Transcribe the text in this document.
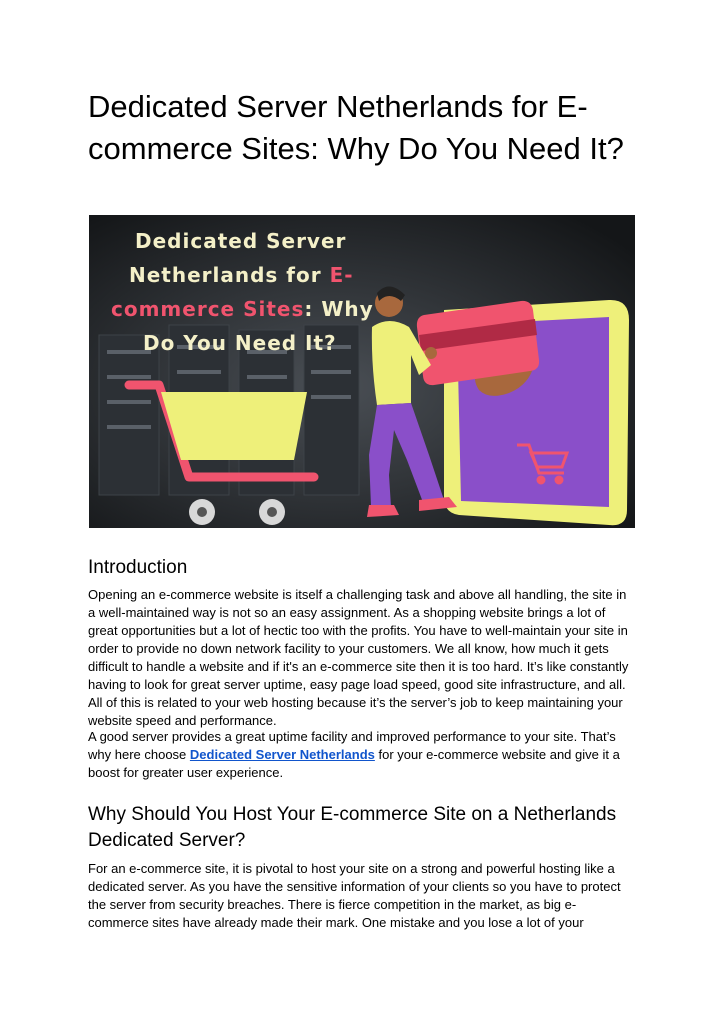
Dedicated Server Netherlands for E-commerce Sites: Why Do You Need It?
Dedicated Server
Netherlands for E-
commerce Sites: Why
Do You Need It?
Introduction

Opening an e-commerce website is itself a challenging task and above all handling, the site in a well-maintained way is not so an easy assignment. As a shopping website brings a lot of great opportunities but a lot of hectic too with the profits. You have to well-maintain your site in order to provide no down network facility to your customers. We all know, how much it gets difficult to handle a website and if it's an e-commerce site then it is too hard. It’s like constantly having to look for great server uptime, easy page load speed, good site infrastructure, and all. All of this is related to your web hosting because it’s the server’s job to keep maintaining your website speed and performance.

A good server provides a great uptime facility and improved performance to your site. That’s why here choose Dedicated Server Netherlands for your e-commerce website and give it a boost for greater user experience.

Why Should You Host Your E-commerce Site on a Netherlands Dedicated Server?

For an e-commerce site, it is pivotal to host your site on a strong and powerful hosting like a dedicated server. As you have the sensitive information of your clients so you have to protect the server from security breaches. There is fierce competition in the market, as big e-commerce sites have already made their mark. One mistake and you lose a lot of your
